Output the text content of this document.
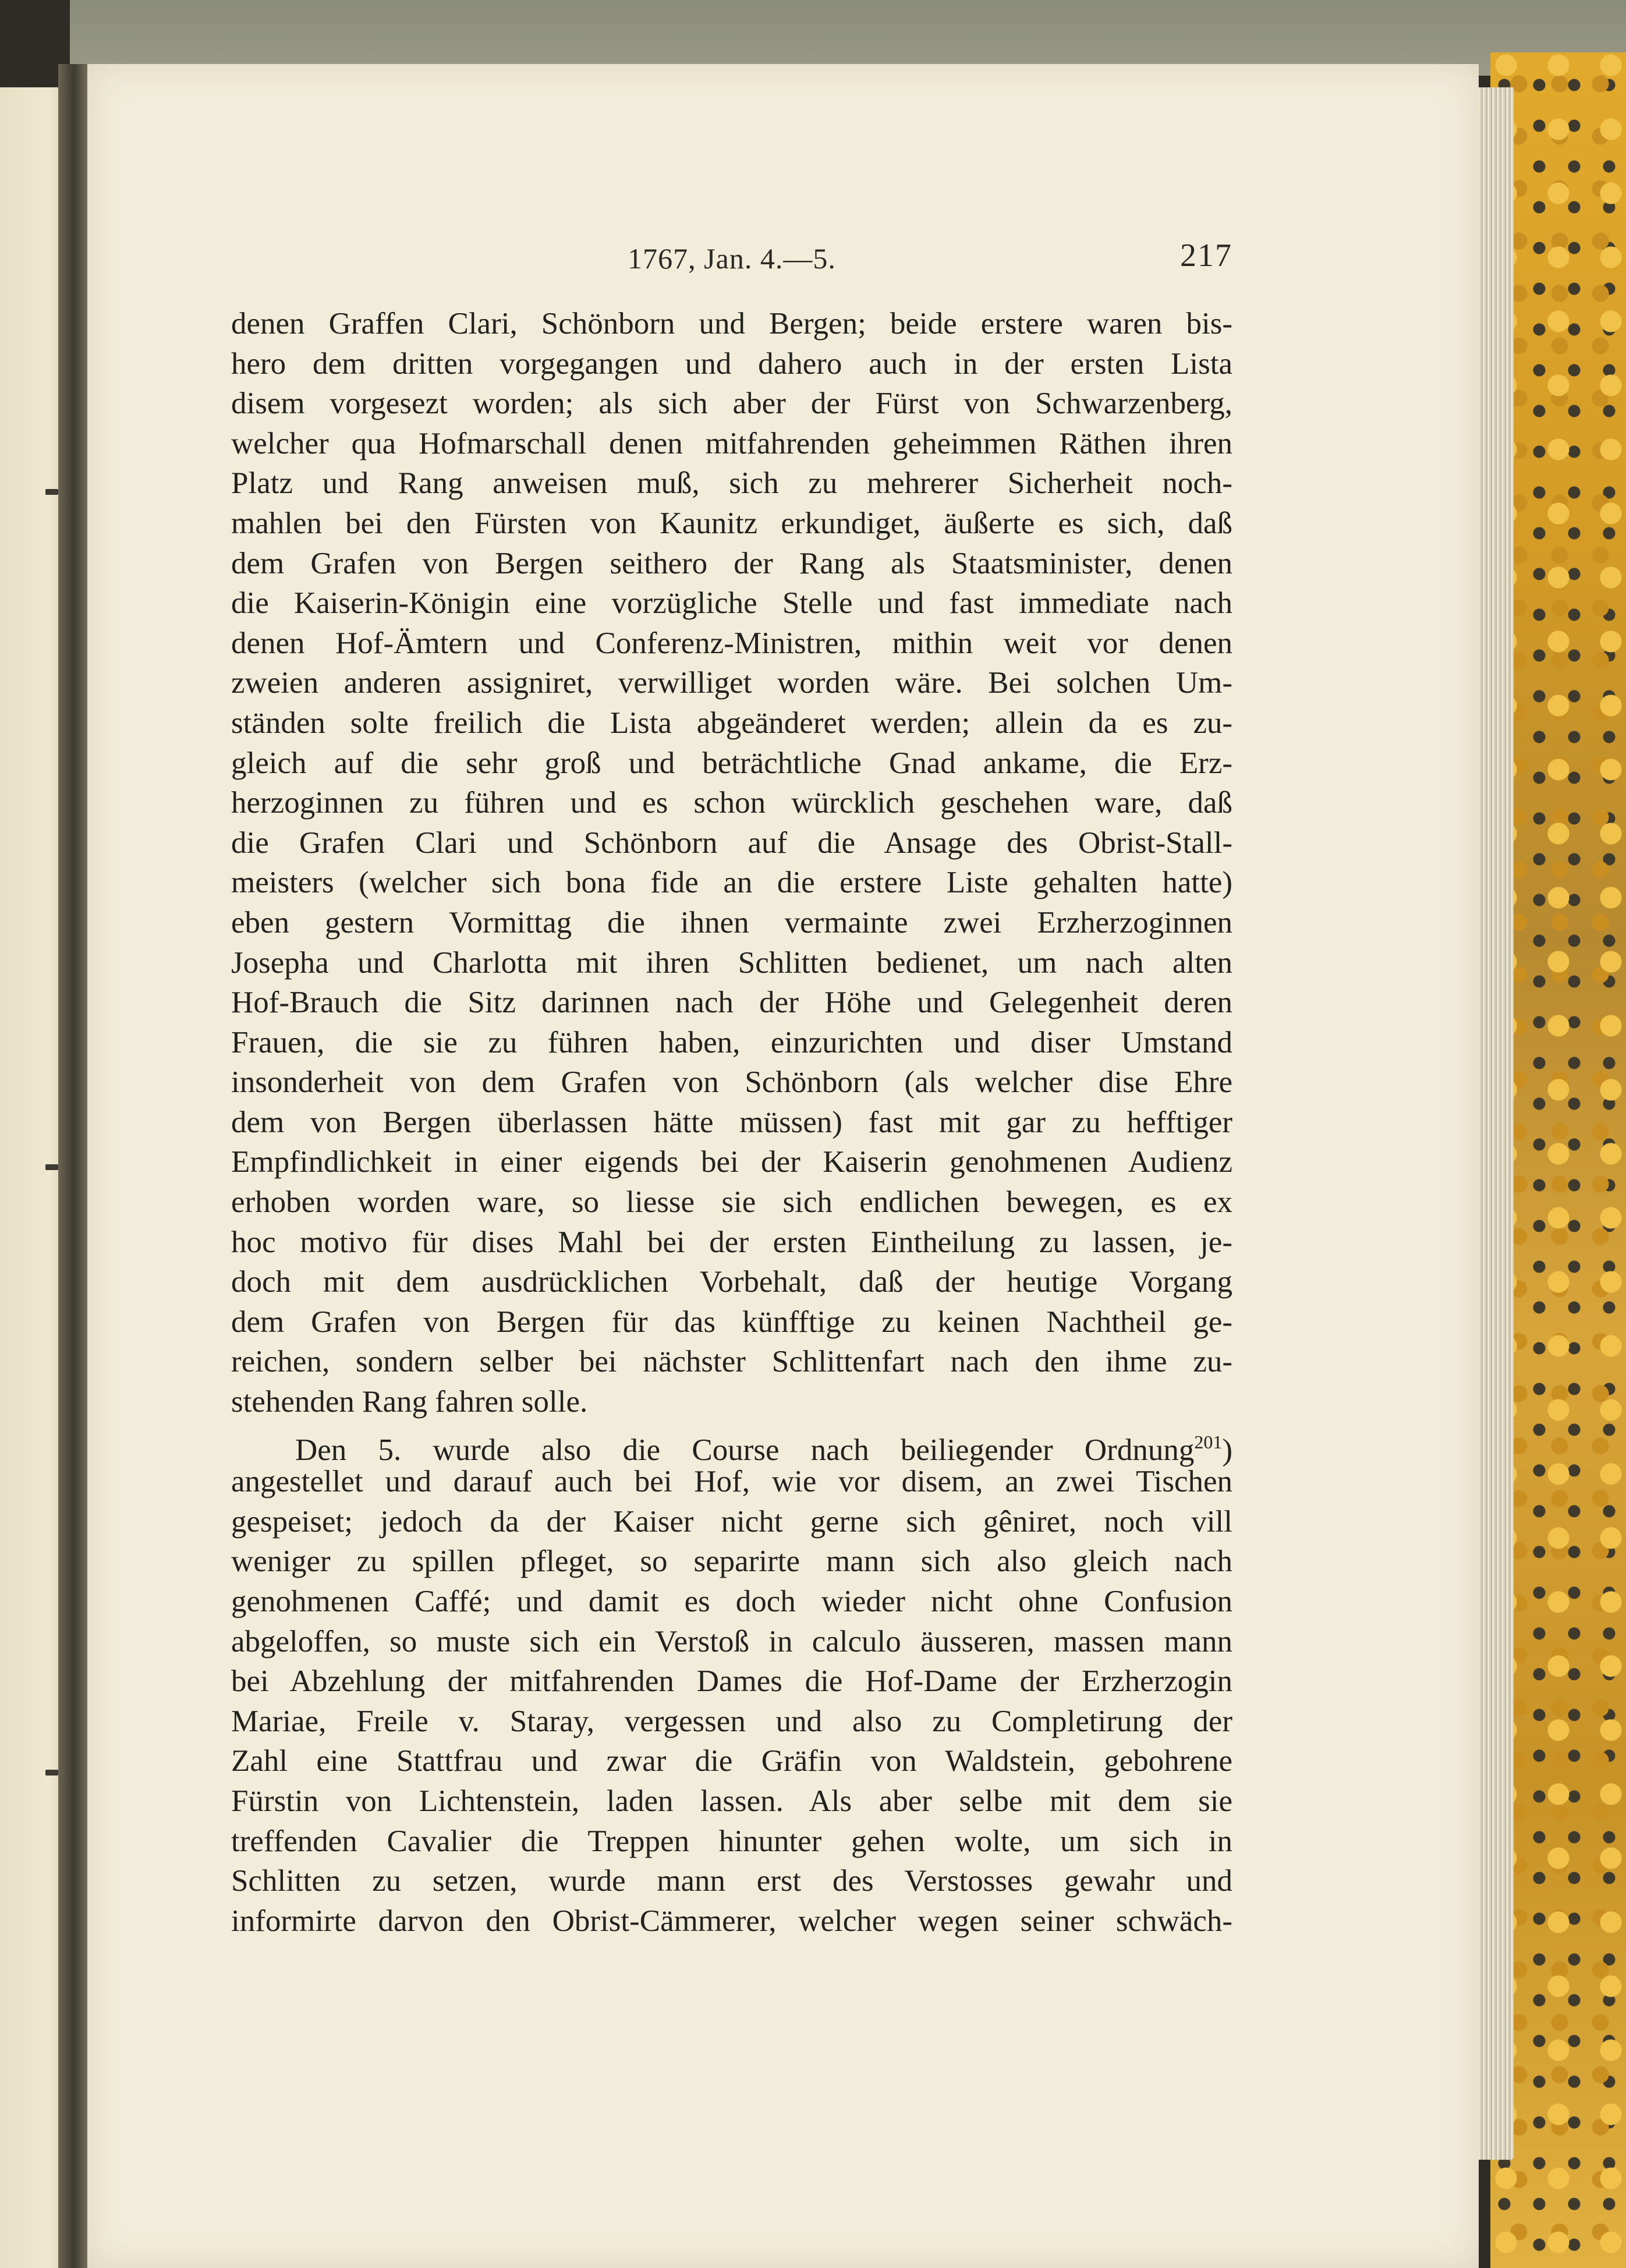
1767, Jan. 4.—5.	217
denen Graffen Clari, Schönborn und Bergen; beide erstere waren bis-
hero dem dritten vorgegangen und dahero auch in der ersten Lista
disem vorgesezt worden; als sich aber der Fürst von Schwarzenberg,
welcher qua Hofmarschall denen mitfahrenden geheimmen Räthen ihren
Platz und Rang anweisen muß, sich zu mehrerer Sicherheit noch-
mahlen bei den Fürsten von Kaunitz erkundiget, äußerte es sich, daß
dem Grafen von Bergen seithero der Rang als Staatsminister, denen
die Kaiserin-Königin eine vorzügliche Stelle und fast immediate nach
denen Hof-Ämtern und Conferenz-Ministren, mithin weit vor denen
zweien anderen assigniret, verwilliget worden wäre. Bei solchen Um-
ständen solte freilich die Lista abgeänderet werden; allein da es zu-
gleich auf die sehr groß und beträchtliche Gnad ankame, die Erz-
herzoginnen zu führen und es schon würcklich geschehen ware, daß
die Grafen Clari und Schönborn auf die Ansage des Obrist-Stall-
meisters (welcher sich bona fide an die erstere Liste gehalten hatte)
eben gestern Vormittag die ihnen vermainte zwei Erzherzoginnen
Josepha und Charlotta mit ihren Schlitten bedienet, um nach alten
Hof-Brauch die Sitz darinnen nach der Höhe und Gelegenheit deren
Frauen, die sie zu führen haben, einzurichten und diser Umstand
insonderheit von dem Grafen von Schönborn (als welcher dise Ehre
dem von Bergen überlassen hätte müssen) fast mit gar zu hefftiger
Empfindlichkeit in einer eigends bei der Kaiserin genohmenen Audienz
erhoben worden ware, so liesse sie sich endlichen bewegen, es ex
hoc motivo für dises Mahl bei der ersten Eintheilung zu lassen, je-
doch mit dem ausdrücklichen Vorbehalt, daß der heutige Vorgang
dem Grafen von Bergen für das künfftige zu keinen Nachtheil ge-
reichen, sondern selber bei nächster Schlittenfart nach den ihme zu-
stehenden Rang fahren solle.
Den 5. wurde also die Course nach beiliegender Ordnung$^{201}$)
angestellet und darauf auch bei Hof, wie vor disem, an zwei Tischen
gespeiset; jedoch da der Kaiser nicht gerne sich gêniret, noch vill
weniger zu spillen pfleget, so separirte mann sich also gleich nach
genohmenen Caffé; und damit es doch wieder nicht ohne Confusion
abgeloffen, so muste sich ein Verstoß in calculo äusseren, massen mann
bei Abzehlung der mitfahrenden Dames die Hof-Dame der Erzherzogin
Mariae, Freile v. Staray, vergessen und also zu Completirung der
Zahl eine Stattfrau und zwar die Gräfin von Waldstein, gebohrene
Fürstin von Lichtenstein, laden lassen. Als aber selbe mit dem sie
treffenden Cavalier die Treppen hinunter gehen wolte, um sich in
Schlitten zu setzen, wurde mann erst des Verstosses gewahr und
informirte darvon den Obrist-Cämmerer, welcher wegen seiner schwäch-
